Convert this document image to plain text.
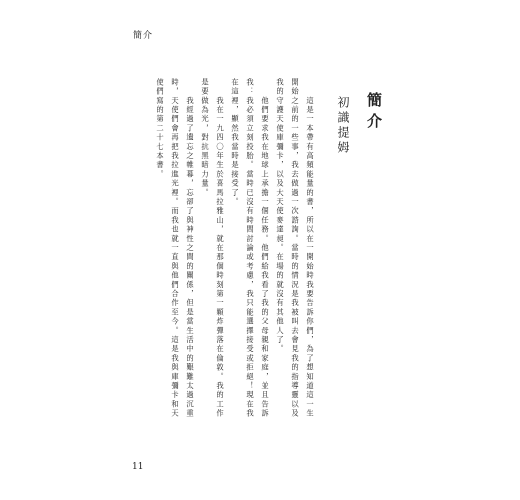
簡介
簡介
初識提姆
　　這是一本帶有高頻能量的書，所以在一開始時我要告訴你們，為了想知道這一生開始之前的一些事，我去做過一次諮詢。當時的情況是我被叫去會見我的指導靈以及我的守護天使庫彌卡，以及大天使麥達昶。在場的就沒有其他人了。
　　他們要求我在地球上承擔一個任務。他們給我看了我的父母親和家庭，並且告訴我：我必須立刻投胎。當時已沒有時間討論或考慮，我只能選擇接受或拒絕！現在我在這裡，顯然我當時是接受了。
　　我在一九四〇年生於喜馬拉雅山，就在那個時刻第一顆炸彈落在倫敦。我的工作是要做為光，對抗黑暗力量。
　　我經過了遺忘之帷幕，忘卻了與神性之間的關係，但是當生活中的艱難太過沉重時，天使們會再把我拉進光裡。而我也就一直與他們合作至今。這是我與庫彌卡和天使們寫的第二十七本書。
11
